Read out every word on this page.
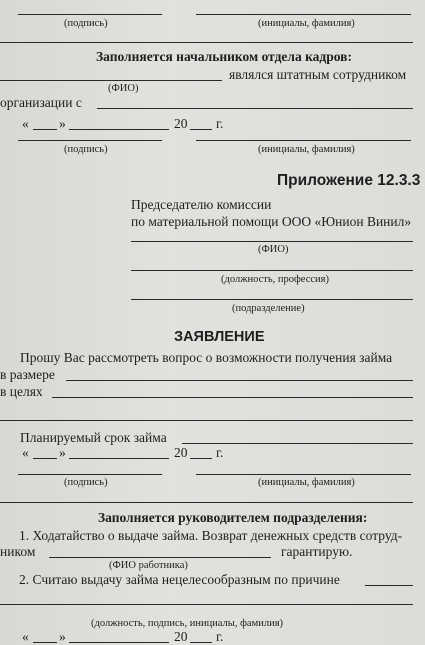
(подпись)	(инициалы, фамилия)
Заполняется начальником отдела кадров:
являлся штатным сотрудником
(ФИО)
организации с
« »	20 г.
(подпись)	(инициалы, фамилия)
Приложение 12.3.3
Председателю комиссии
по материальной помощи ООО «Юнион Винил»
(ФИО)
(должность, профессия)
(подразделение)
ЗАЯВЛЕНИЕ
Прошу Вас рассмотреть вопрос о возможности получения займа
в размере
в целях
Планируемый срок займа
« »	20 г.
(подпись)	(инициалы, фамилия)
Заполняется руководителем подразделения:
1. Ходатайство о выдаче займа. Возврат денежных средств сотруд-
ником	гарантирую.
(ФИО работника)
2. Считаю выдачу займа нецелесообразным по причине
(должность, подпись, инициалы, фамилия)
« »	20 г.
